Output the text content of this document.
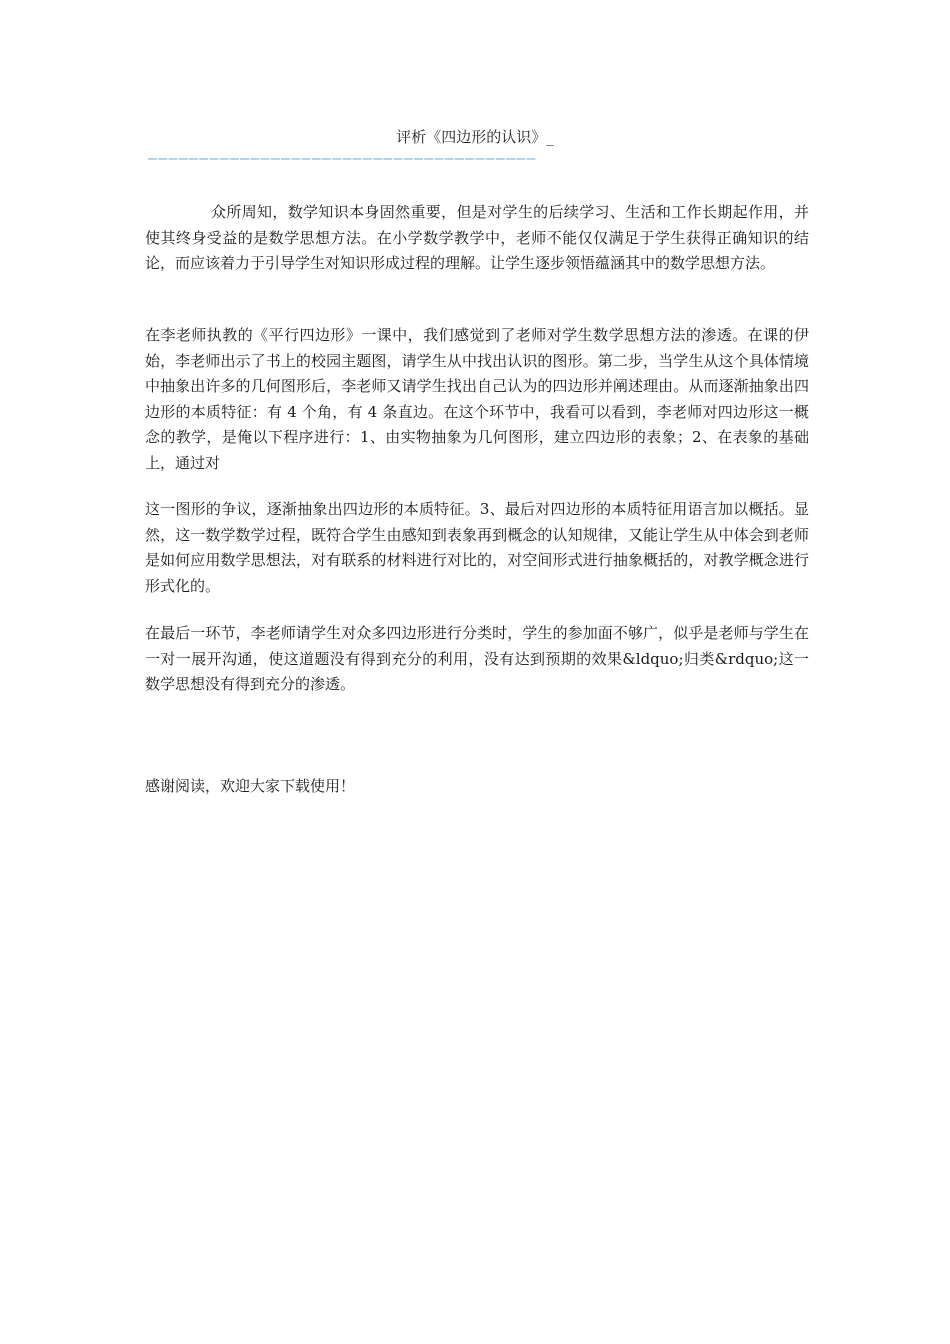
评析《四边形的认识》_
——————————————————————————————————————
众所周知，数学知识本身固然重要，但是对学生的后续学习、生活和工作长期起作用，并使其终身受益的是数学思想方法。在小学数学教学中，老师不能仅仅满足于学生获得正确知识的结论，而应该着力于引导学生对知识形成过程的理解。让学生逐步领悟蕴涵其中的数学思想方法。
在李老师执教的《平行四边形》一课中，我们感觉到了老师对学生数学思想方法的渗透。在课的伊始，李老师出示了书上的校园主题图，请学生从中找出认识的图形。第二步，当学生从这个具体情境中抽象出许多的几何图形后，李老师又请学生找出自己认为的四边形并阐述理由。从而逐渐抽象出四边形的本质特征：有 4 个角，有 4 条直边。在这个环节中，我看可以看到，李老师对四边形这一概念的教学，是俺以下程序进行：1、由实物抽象为几何图形，建立四边形的表象；2、在表象的基础上，通过对
这一图形的争议，逐渐抽象出四边形的本质特征。3、最后对四边形的本质特征用语言加以概括。显然，这一数学数学过程，既符合学生由感知到表象再到概念的认知规律，又能让学生从中体会到老师是如何应用数学思想法，对有联系的材料进行对比的，对空间形式进行抽象概括的，对教学概念进行形式化的。
在最后一环节，李老师请学生对众多四边形进行分类时，学生的参加面不够广，似乎是老师与学生在一对一展开沟通，使这道题没有得到充分的利用，没有达到预期的效果&ldquo;归类&rdquo;这一数学思想没有得到充分的渗透。
感谢阅读，欢迎大家下载使用！
